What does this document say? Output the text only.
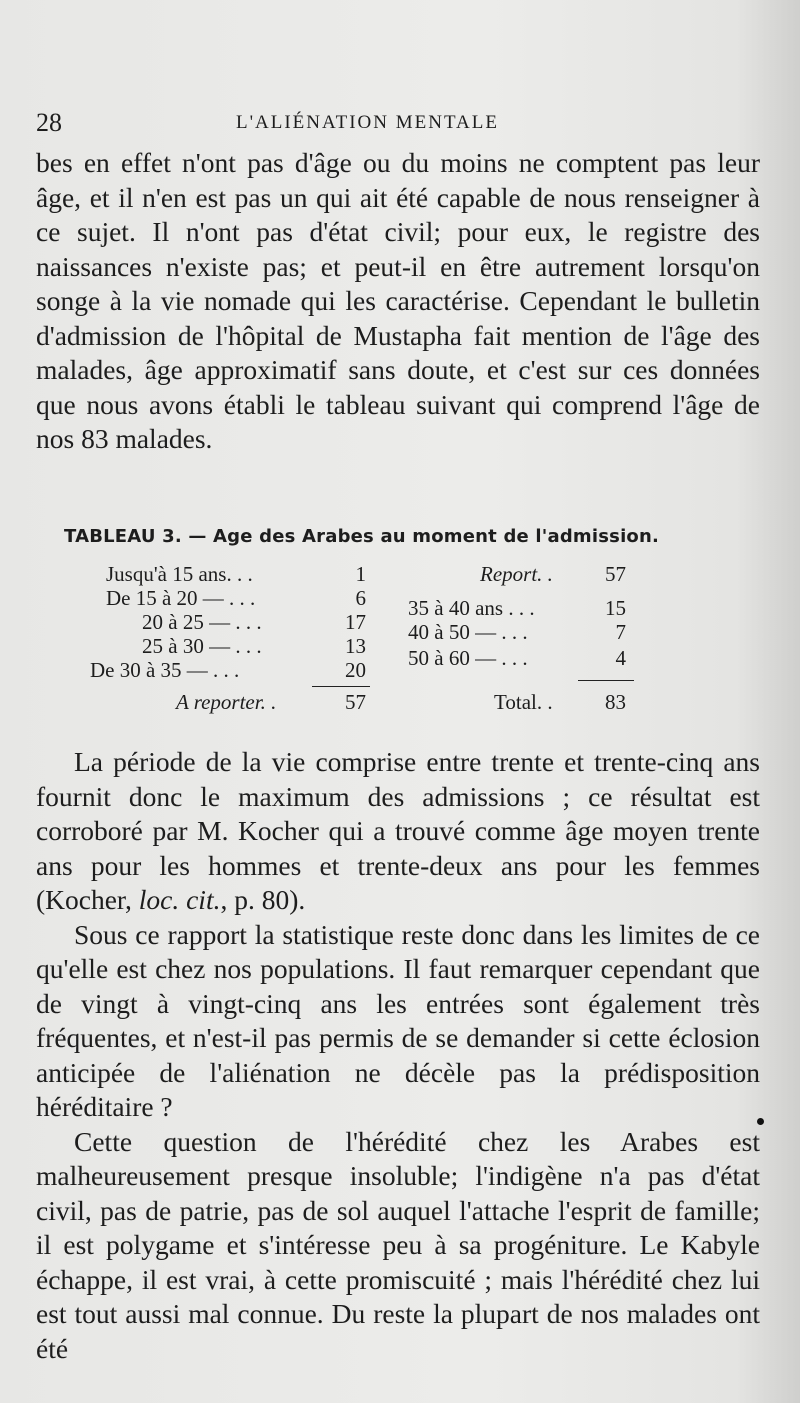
28	L'ALIÉNATION MENTALE

bes en effet n'ont pas d'âge ou du moins ne comptent pas leur âge, et il n'en est pas un qui ait été capable de nous renseigner à ce sujet. Il n'ont pas d'état civil; pour eux, le registre des naissances n'existe pas; et peut-il en être autrement lorsqu'on songe à la vie nomade qui les caractérise. Cependant le bulletin d'admission de l'hôpital de Mustapha fait mention de l'âge des malades, âge approximatif sans doute, et c'est sur ces données que nous avons établi le tableau suivant qui comprend l'âge de nos 83 malades.

TABLEAU 3. — Age des Arabes au moment de l'admission.
Jusqu'à 15 ans. . .	1
De 15 à 20 — . . .	6
20 à 25 — . . .	17
25 à 30 — . . .	13
De 30 à 35 — . . .	20
A reporter. .	57
Report. .	57
35 à 40 ans . . .	15
40 à 50 — . . .	7
50 à 60 — . . .	4
Total. .	83

La période de la vie comprise entre trente et trente-cinq ans fournit donc le maximum des admissions ; ce résultat est corroboré par M. Kocher qui a trouvé comme âge moyen trente ans pour les hommes et trente-deux ans pour les femmes (Kocher, loc. cit., p. 80).

Sous ce rapport la statistique reste donc dans les limites de ce qu'elle est chez nos populations. Il faut remarquer cependant que de vingt à vingt-cinq ans les entrées sont également très fréquentes, et n'est-il pas permis de se demander si cette éclosion anticipée de l'aliénation ne décèle pas la prédisposition héréditaire ?

Cette question de l'hérédité chez les Arabes est malheureusement presque insoluble; l'indigène n'a pas d'état civil, pas de patrie, pas de sol auquel l'attache l'esprit de famille; il est polygame et s'intéresse peu à sa progéniture. Le Kabyle échappe, il est vrai, à cette promiscuité ; mais l'hérédité chez lui est tout aussi mal connue. Du reste la plupart de nos malades ont été
